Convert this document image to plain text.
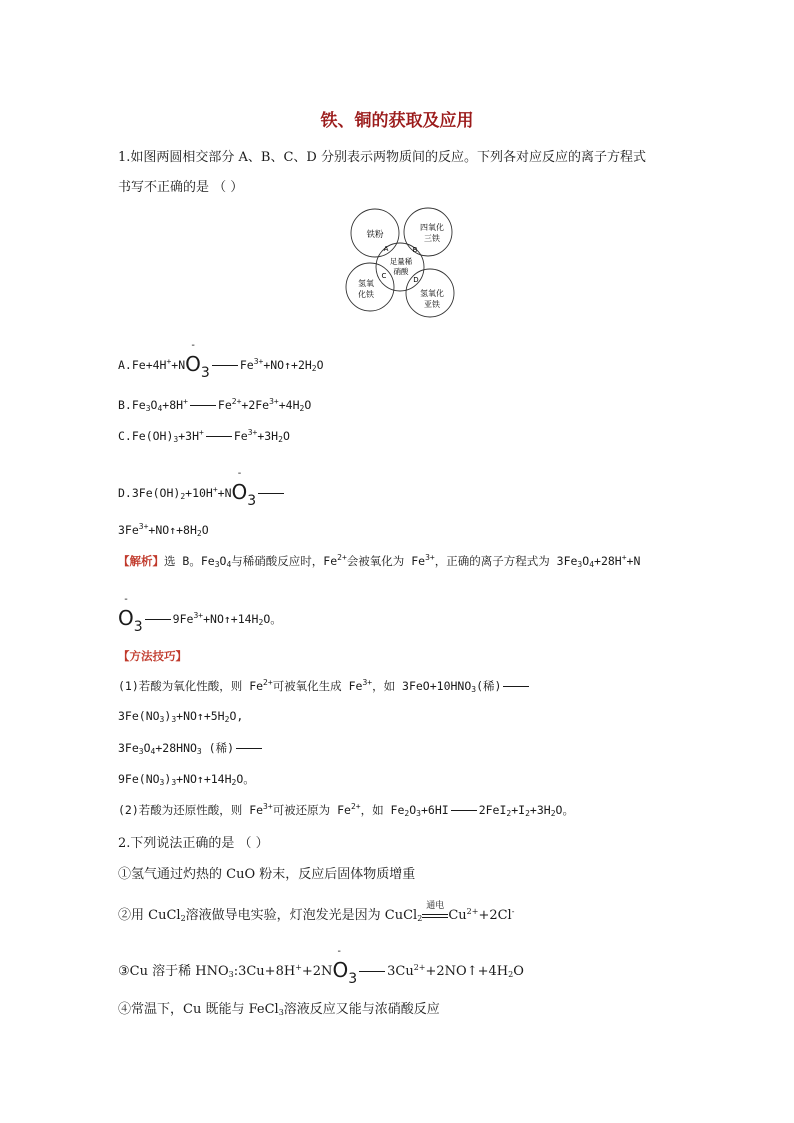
铁、铜的获取及应用
1.如图两圆相交部分 A、B、C、D 分别表示两物质间的反应。下列各对应反应的离子方程式
书写不正确的是 （ ）
铁粉
四氧化
三铁
足量稀
硝酸
氢氧
化铁	氢氧化
亚铁
A	B
C	D
A.Fe+4H++N
-
$O_3$	$Fe^{3+}+NO↑+2H_2O$
$B.Fe_3O_4+8H^+$	$Fe^{2+}+2Fe^{3+}+4H_2O$
$C.Fe(OH)_3+3H^+$	$Fe^{3+}+3H_2O$
$D.3Fe(OH)_2+10H^++N$
-
$O_3$
$3Fe^{3+}+NO↑+8H_2O$
【解析】选 B。$Fe_3O_4$与稀硝酸反应时，$Fe^{2+}$会被氧化为 $Fe^{3+}$，正确的离子方程式为 $3Fe_3O_4+28H^++N$
-
$O_3$	$9Fe^{3+}+NO↑+14H_2O$。
【方法技巧】
(1)若酸为氧化性酸，则 $Fe^{2+}$可被氧化生成 $Fe^{3+}$，如 $3FeO+10HNO_3$(稀)
$3Fe(NO_3)_3+NO↑+5H_2O$,
$3Fe_3O_4+28HNO_3$ (稀)
$9Fe(NO_3)_3+NO↑+14H_2O$。
(2)若酸为还原性酸，则 $Fe^{3+}$可被还原为 $Fe^{2+}$，如 $Fe_2O_3+6HI$	$2FeI_2+I_2+3H_2O$。
2.下列说法正确的是 （ ）
①氢气通过灼热的 CuO 粉末，反应后固体物质增重
②用 CuCl$_2$溶液做导电实验，灯泡发光是因为 CuCl$_2$
通电
$Cu^{2+}+2Cl^-$
③Cu 溶于稀 $HNO_3:3Cu+8H^++2N$
-
$O_3$ $3Cu^{2+}+2NO↑+4H_2O$
④常温下，Cu 既能与 FeCl$_3$溶液反应又能与浓硝酸反应
